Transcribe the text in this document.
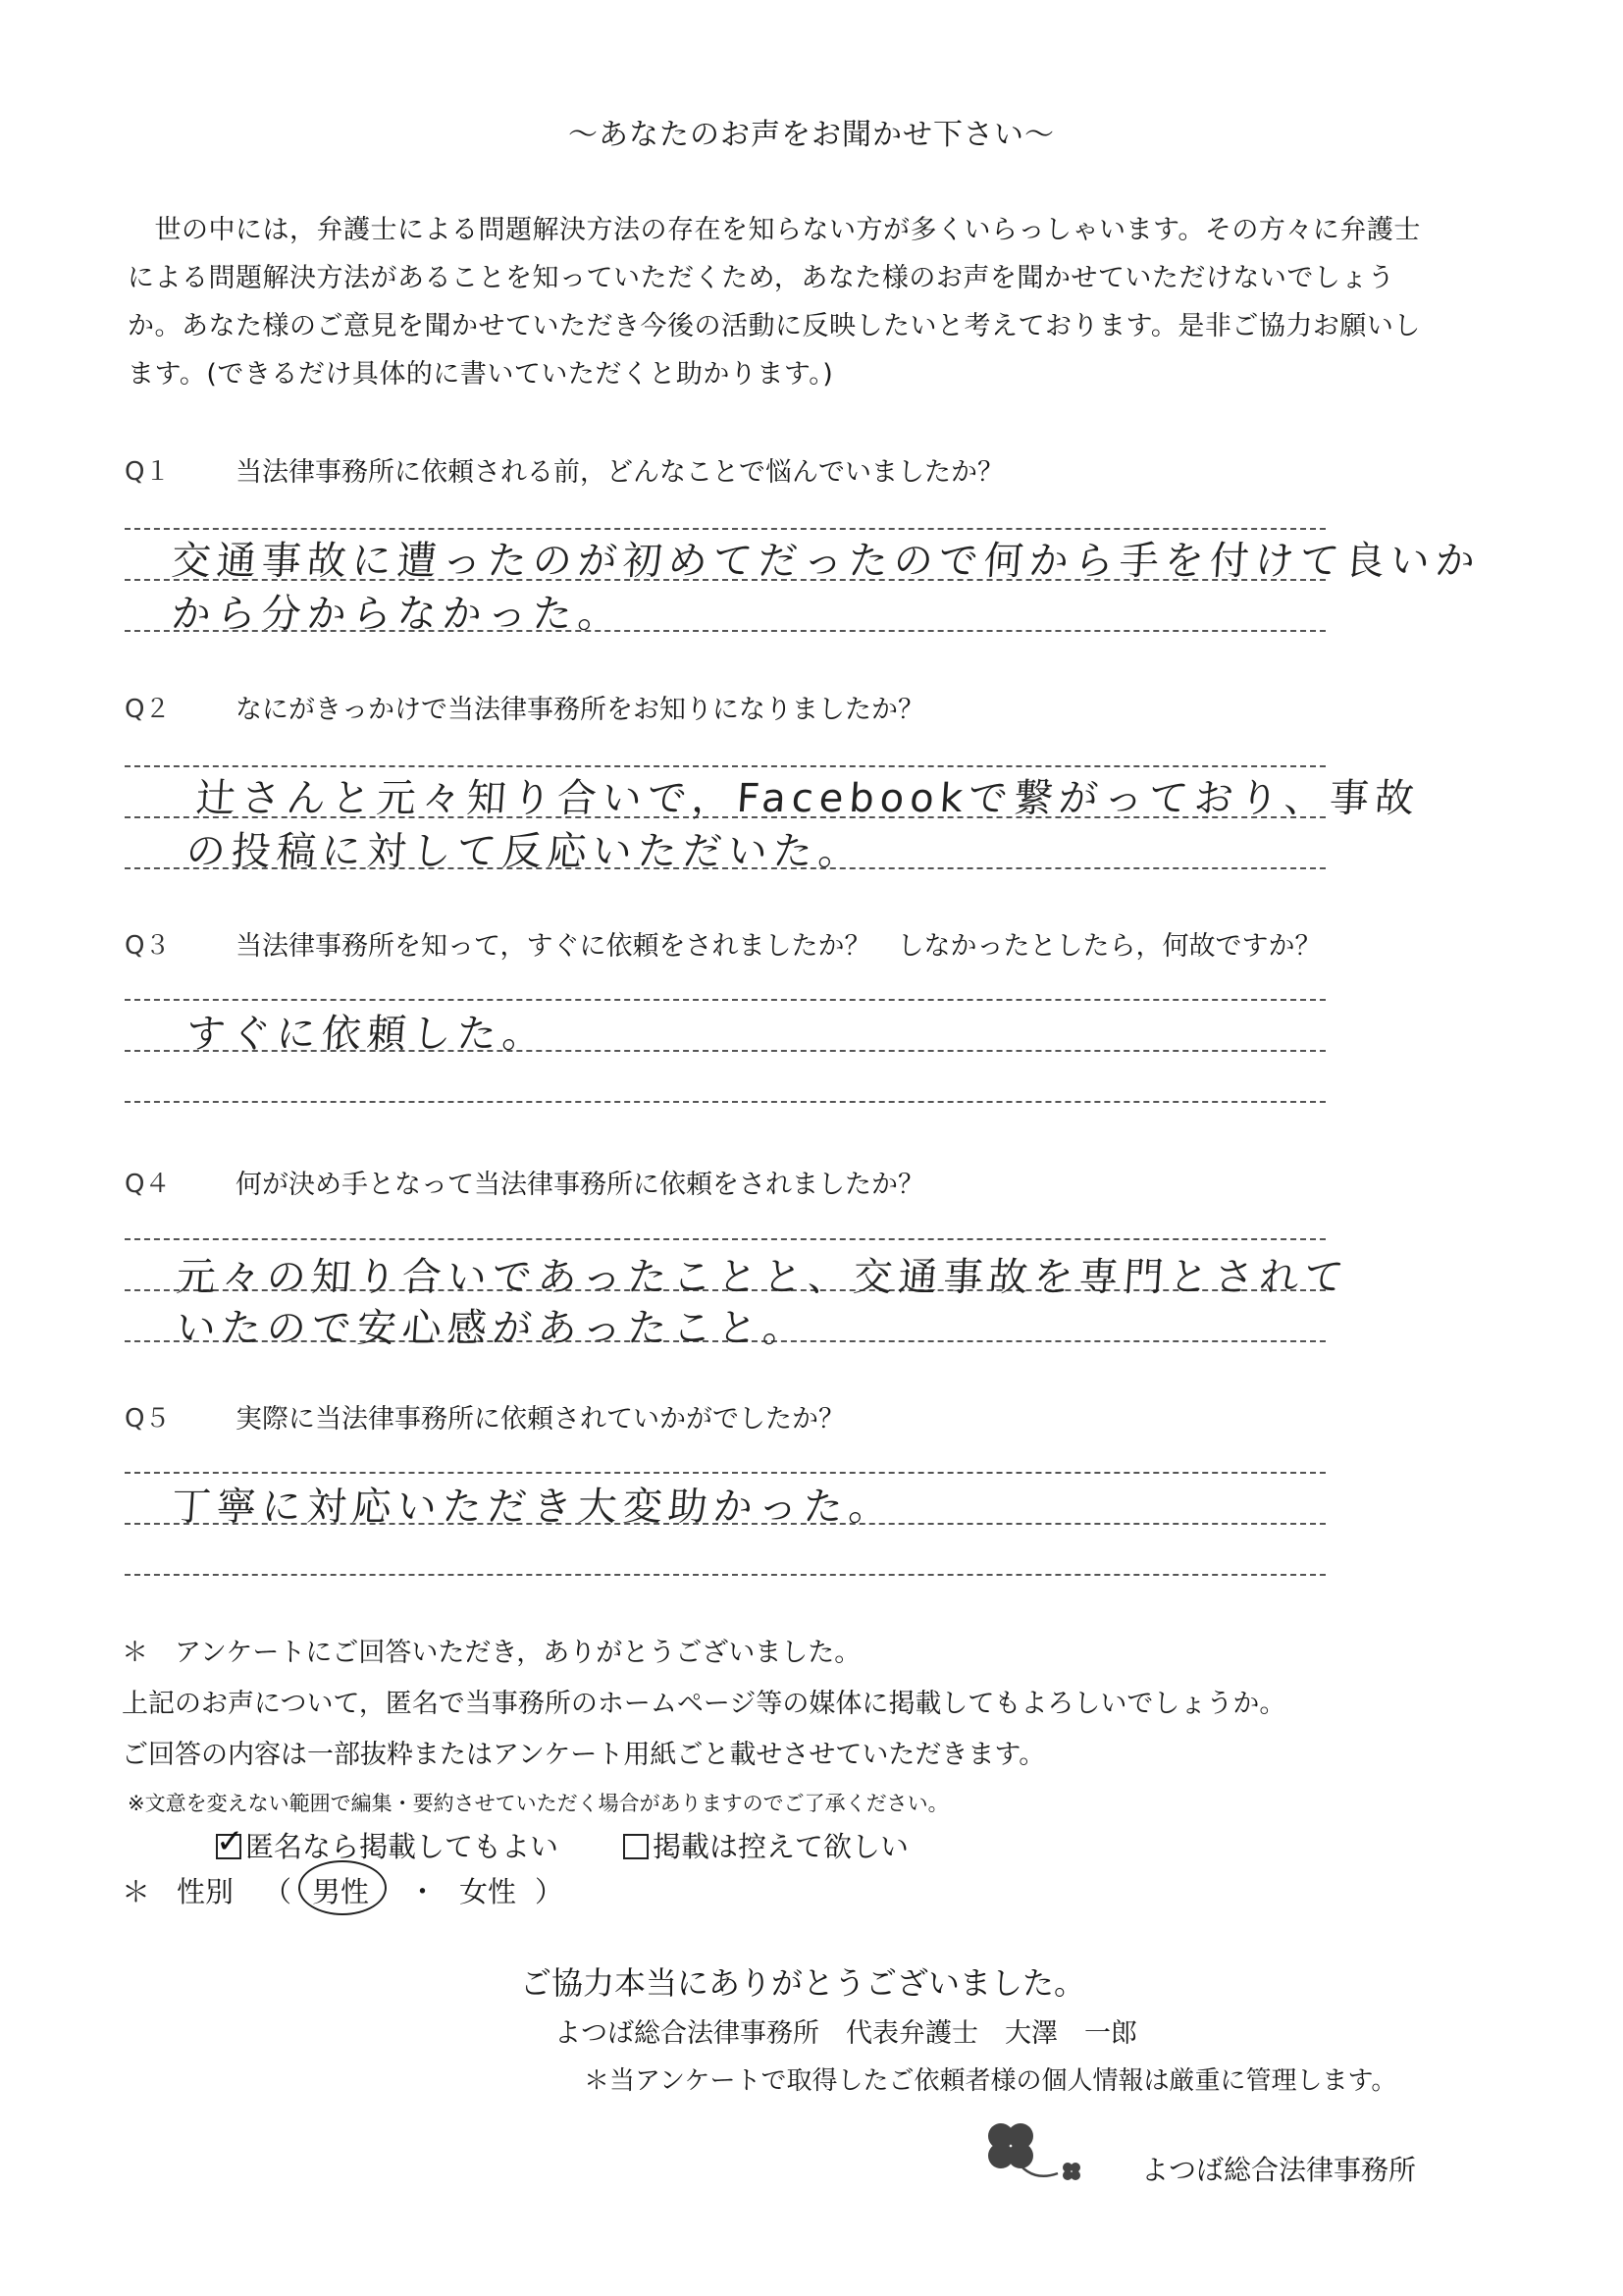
〜あなたのお声をお聞かせ下さい〜
　世の中には，弁護士による問題解決方法の存在を知らない方が多くいらっしゃいます。その方々に弁護士
による問題解決方法があることを知っていただくため，あなた様のお声を聞かせていただけないでしょう
か。あなた様のご意見を聞かせていただき今後の活動に反映したいと考えております。是非ご協力お願いし
ます。(できるだけ具体的に書いていただくと助かります。)
Q１ 当法律事務所に依頼される前，どんなことで悩んでいましたか？
交通事故に遭ったのが初めてだったので何から手を付けて良いか
から分からなかった。
Q２ なにがきっかけで当法律事務所をお知りになりましたか？
辻さんと元々知り合いで，Facebookで繋がっており、事故
の投稿に対して反応いただいた。
Q３ 当法律事務所を知って，すぐに依頼をされましたか？　しなかったとしたら，何故ですか？
すぐに依頼した。
Q４ 何が決め手となって当法律事務所に依頼をされましたか？
元々の知り合いであったことと、交通事故を専門とされて
いたので安心感があったこと。
Q５ 実際に当法律事務所に依頼されていかがでしたか？
丁寧に対応いただき大変助かった。
＊　アンケートにご回答いただき，ありがとうございました。
上記のお声について，匿名で当事務所のホームページ等の媒体に掲載してもよろしいでしょうか。
ご回答の内容は一部抜粋またはアンケート用紙ごと載せさせていただきます。
※文意を変えない範囲で編集・要約させていただく場合がありますのでご了承ください。
✓ 匿名なら掲載してもよい	掲載は控えて欲しい
＊ 性別 （ 男性 ・ 女性 ）
ご協力本当にありがとうございました。
よつば総合法律事務所　代表弁護士　大澤　一郎
＊当アンケートで取得したご依頼者様の個人情報は厳重に管理します。
よつば総合法律事務所
